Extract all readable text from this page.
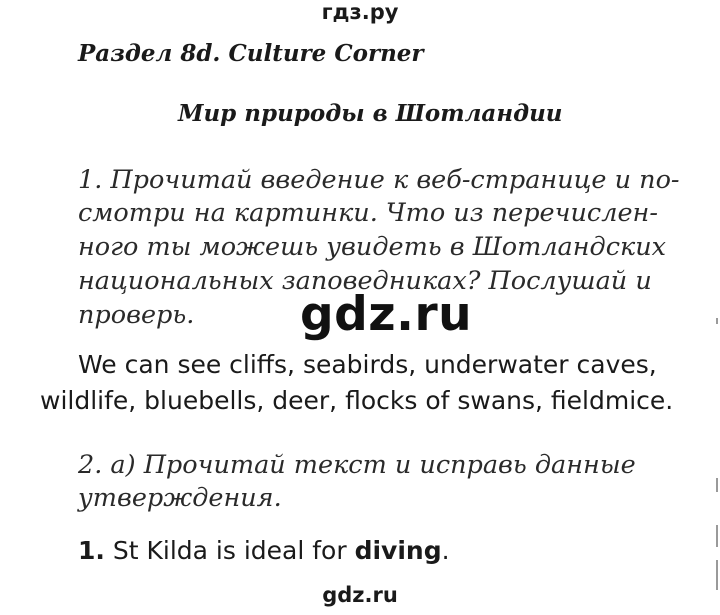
гдз.ру
Раздел 8d. Culture Corner
Мир природы в Шотландии
1. Прочитай введение к веб-странице и по-
смотри на картинки. Что из перечислен-
ного ты можешь увидеть в Шотландских
национальных заповедниках? Послушай и
проверь. gdz.ru
We can see cliffs, seabirds, underwater caves,
wildlife, bluebells, deer, flocks of swans, fieldmice.
2. a) Прочитай текст и исправь данные
утверждения.
1. St Kilda is ideal for diving.
gdz.ru
